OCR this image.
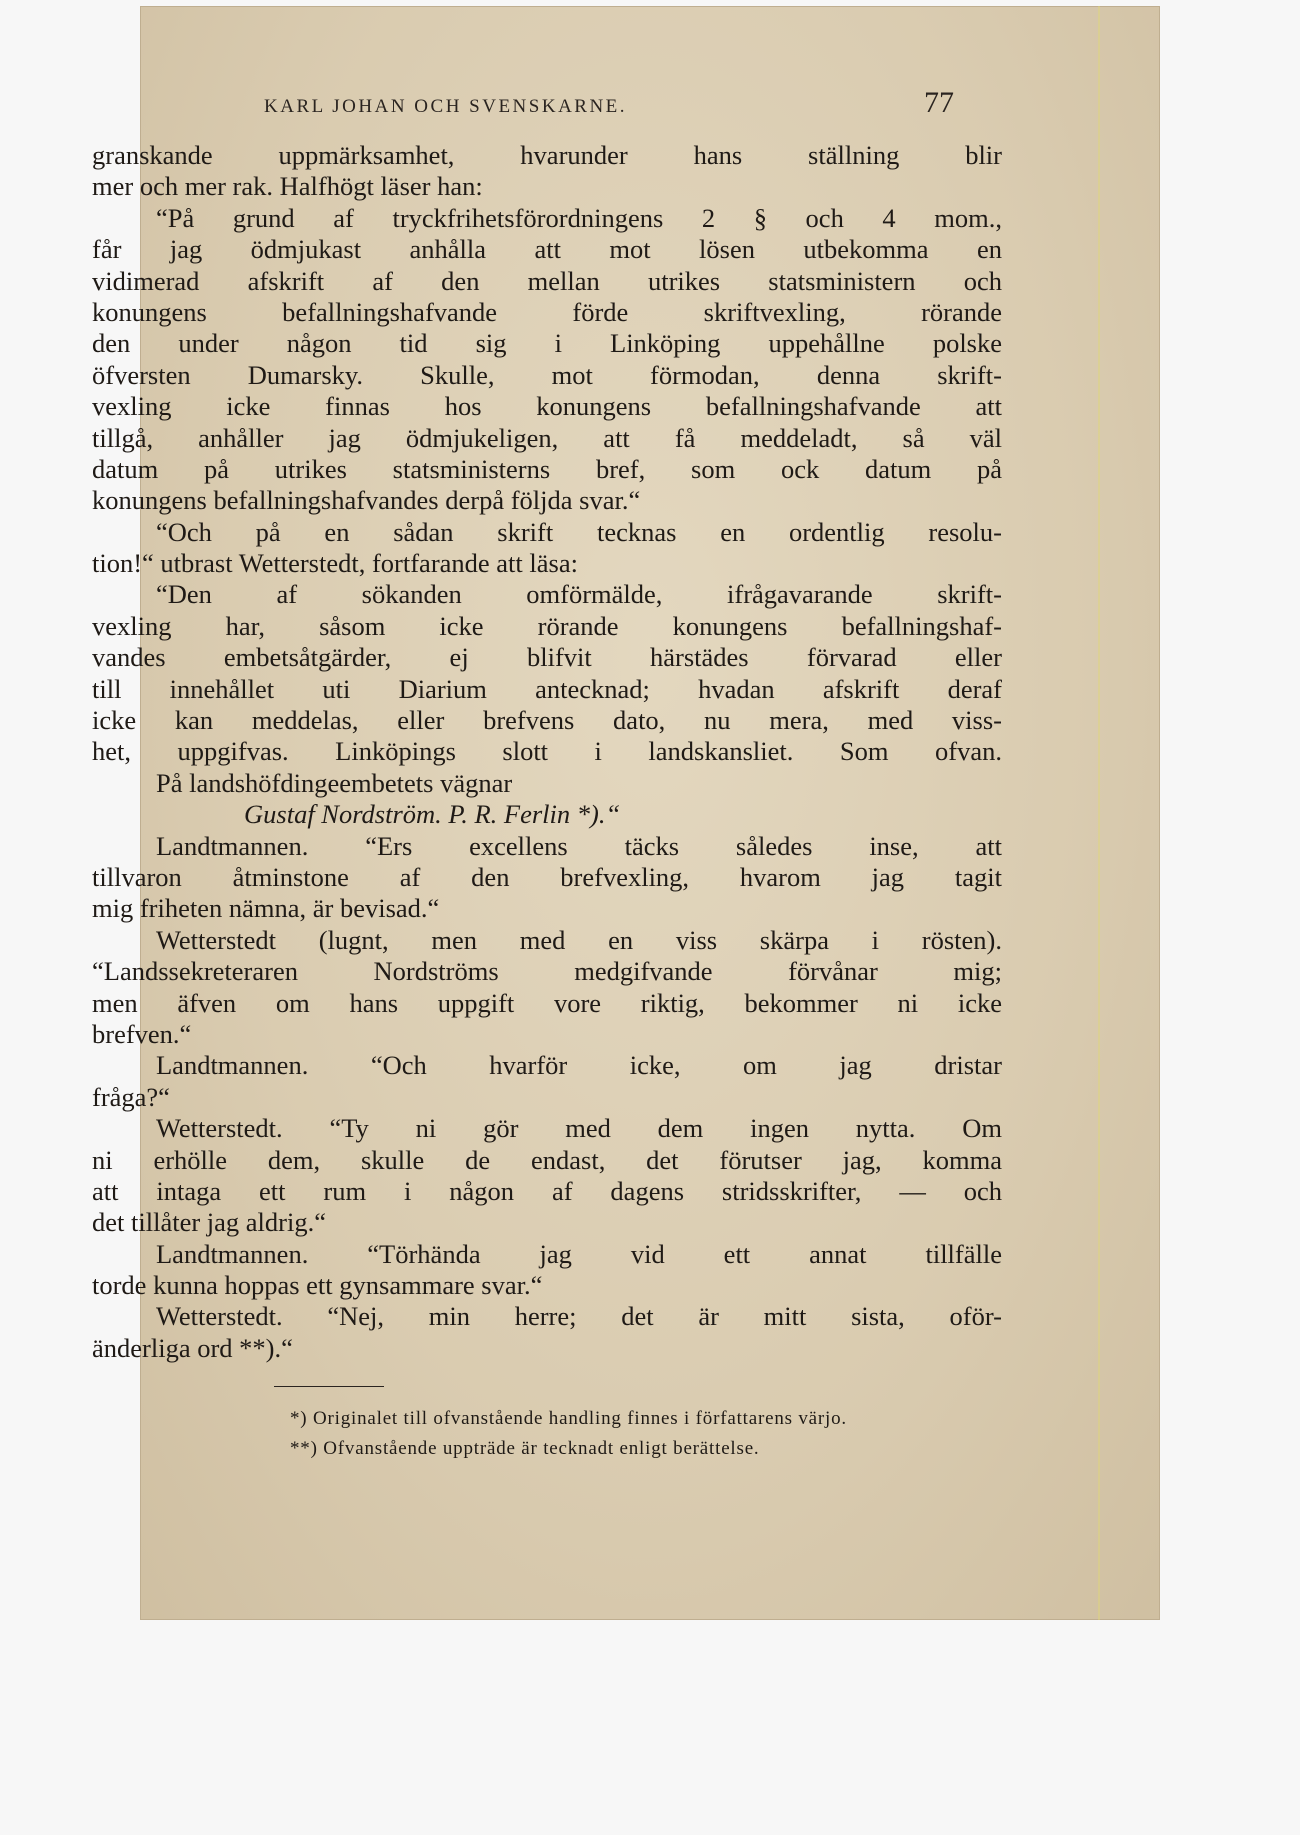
KARL JOHAN OCH SVENSKARNE.	77
granskande uppmärksamhet, hvarunder hans ställning blir
mer och mer rak. Halfhögt läser han:
“På grund af tryckfrihetsförordningens 2 § och 4 mom.,
får jag ödmjukast anhålla att mot lösen utbekomma en
vidimerad afskrift af den mellan utrikes statsministern och
konungens befallningshafvande förde skriftvexling, rörande
den under någon tid sig i Linköping uppehållne polske
öfversten Dumarsky. Skulle, mot förmodan, denna skrift-
vexling icke finnas hos konungens befallningshafvande att
tillgå, anhåller jag ödmjukeligen, att få meddeladt, så väl
datum på utrikes statsministerns bref, som ock datum på
konungens befallningshafvandes derpå följda svar.“
“Och på en sådan skrift tecknas en ordentlig resolu-
tion!“ utbrast Wetterstedt, fortfarande att läsa:
“Den af sökanden omförmälde, ifrågavarande skrift-
vexling har, såsom icke rörande konungens befallningshaf-
vandes embetsåtgärder, ej blifvit härstädes förvarad eller
till innehållet uti Diarium antecknad; hvadan afskrift deraf
icke kan meddelas, eller brefvens dato, nu mera, med viss-
het, uppgifvas. Linköpings slott i landskansliet. Som ofvan.
På landshöfdingeembetets vägnar
Gustaf Nordström. P. R. Ferlin *).“
Landtmannen. “Ers excellens täcks således inse, att
tillvaron åtminstone af den brefvexling, hvarom jag tagit
mig friheten nämna, är bevisad.“
Wetterstedt (lugnt, men med en viss skärpa i rösten).
“Landssekreteraren Nordströms medgifvande förvånar mig;
men äfven om hans uppgift vore riktig, bekommer ni icke
brefven.“
Landtmannen. “Och hvarför icke, om jag dristar
fråga?“
Wetterstedt. “Ty ni gör med dem ingen nytta. Om
ni erhölle dem, skulle de endast, det förutser jag, komma
att intaga ett rum i någon af dagens stridsskrifter, — och
det tillåter jag aldrig.“
Landtmannen. “Törhända jag vid ett annat tillfälle
torde kunna hoppas ett gynsammare svar.“
Wetterstedt. “Nej, min herre; det är mitt sista, oför-
änderliga ord **).“
*) Originalet till ofvanstående handling finnes i författarens värjo.
**) Ofvanstående uppträde är tecknadt enligt berättelse.
